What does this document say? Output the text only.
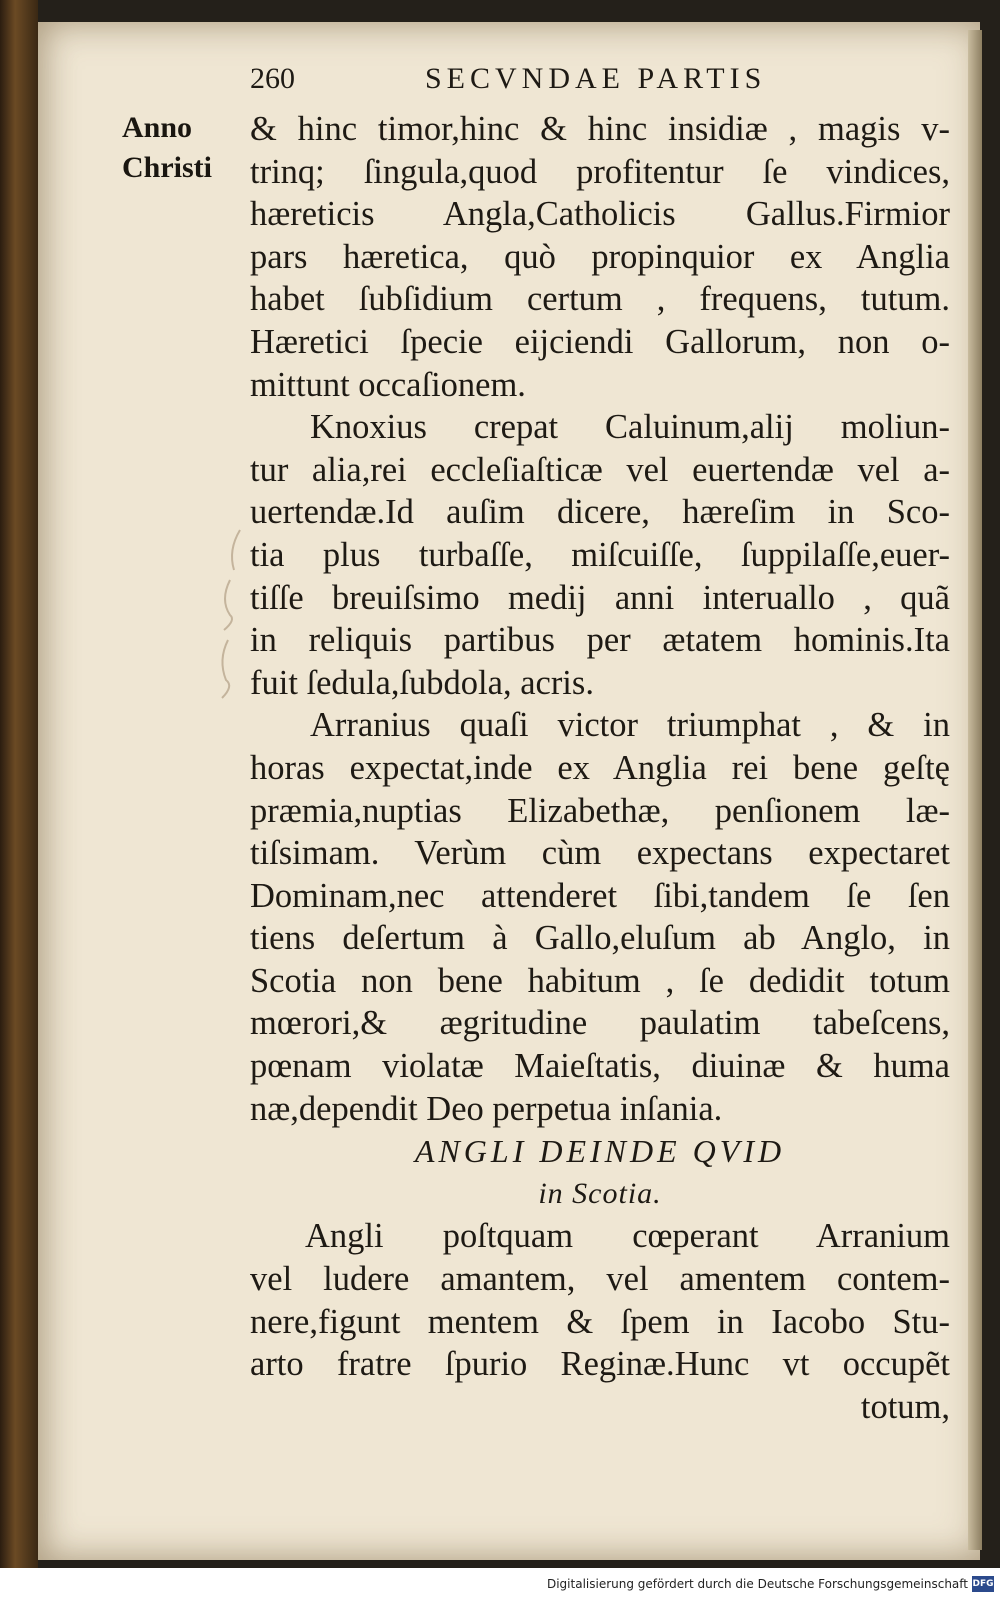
260	SECVNDAE PARTIS
Anno
Christi
& hinc timor,hinc & hinc insidiæ , magis v-
trinq; ſingula,quod profitentur ſe vindices,
hæreticis Angla,Catholicis Gallus.Firmior
pars hæretica, quò propinquior ex Anglia
habet ſubſidium certum , frequens, tutum.
Hæretici ſpecie eijciendi Gallorum, non o-
mittunt occaſionem.
Knoxius crepat Caluinum,alij moliun-
tur alia,rei eccleſiaſticæ vel euertendæ vel a-
uertendæ.Id auſim dicere, hæreſim in Sco-
tia plus turbaſſe, miſcuiſſe, ſuppilaſſe,euer-
tiſſe breuiſsimo medij anni interuallo , quã
in reliquis partibus per ætatem hominis.Ita
fuit ſedula,ſubdola, acris.
Arranius quaſi victor triumphat , & in
horas expectat,inde ex Anglia rei bene geſtę
præmia,nuptias Elizabethæ, penſionem læ-
tiſsimam. Verùm cùm expectans expectaret
Dominam,nec attenderet ſibi,tandem ſe ſen
tiens deſertum à Gallo,eluſum ab Anglo, in
Scotia non bene habitum , ſe dedidit totum
mœrori,& ægritudine paulatim tabeſcens,
pœnam violatæ Maieſtatis, diuinæ & huma
næ,dependit Deo perpetua inſania.
ANGLI DEINDE QVID
in Scotia.
Angli poſtquam cœperant Arranium
vel ludere amantem, vel amentem contem-
nere,figunt mentem & ſpem in Iacobo Stu-
arto fratre ſpurio Reginæ.Hunc vt occupẽt
totum,
Digitalisierung gefördert durch die Deutsche Forschungsgemeinschaft DFG
